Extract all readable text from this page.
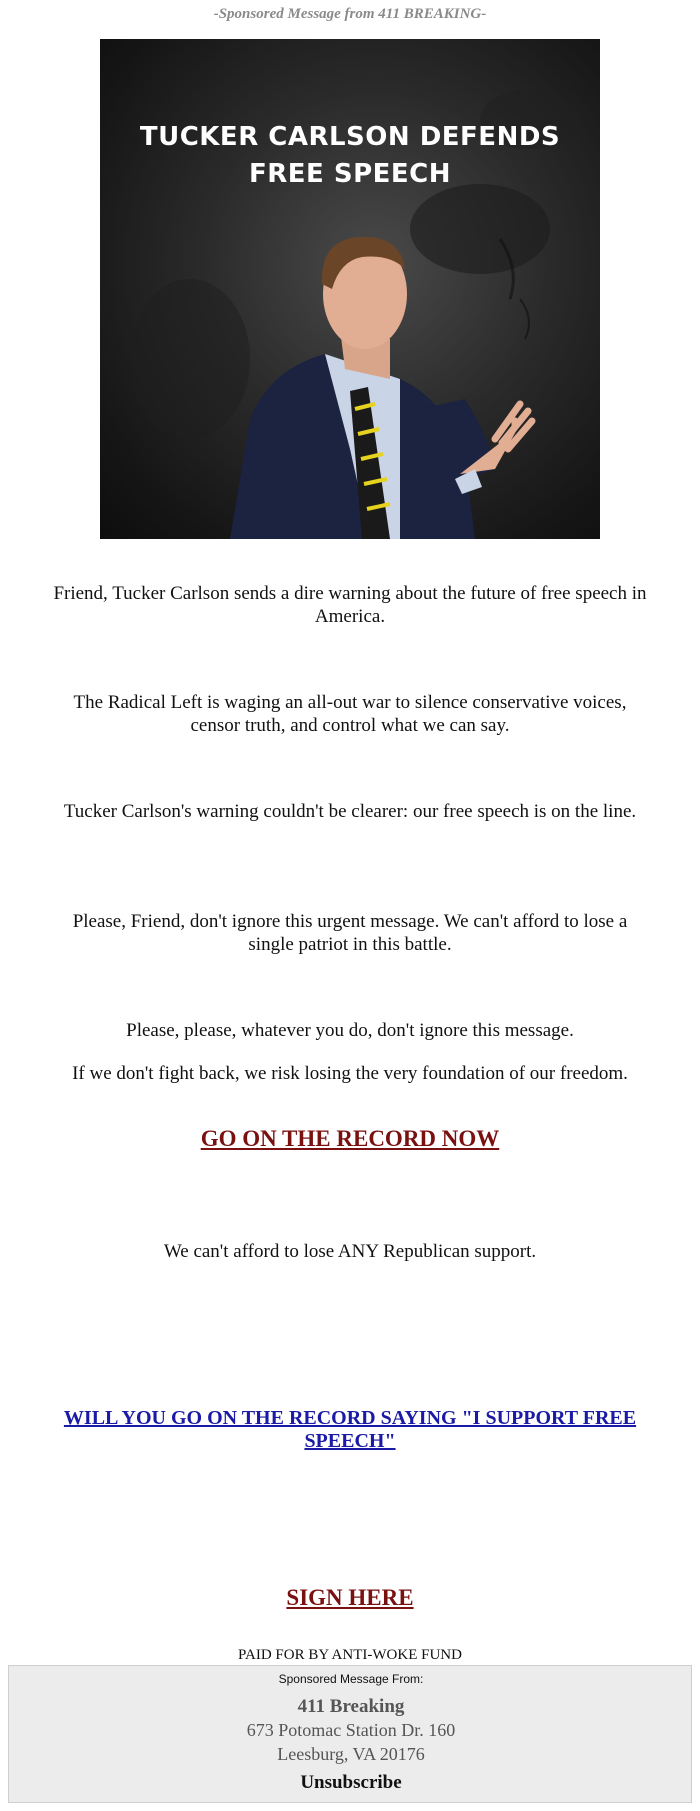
-Sponsored Message from 411 BREAKING-
TUCKER CARLSON DEFENDS
FREE SPEECH
Friend, Tucker Carlson sends a dire warning about the future of free speech in America.
The Radical Left is waging an all-out war to silence conservative voices, censor truth, and control what we can say.
Tucker Carlson's warning couldn't be clearer: our free speech is on the line.
Please, Friend, don't ignore this urgent message. We can't afford to lose a single patriot in this battle.
Please, please, whatever you do, don't ignore this message.
If we don't fight back, we risk losing the very foundation of our freedom.
GO ON THE RECORD NOW
We can't afford to lose ANY Republican support.
WILL YOU GO ON THE RECORD SAYING "I SUPPORT FREE SPEECH"
SIGN HERE
PAID FOR BY ANTI-WOKE FUND
Sponsored Message From:
411 Breaking
673 Potomac Station Dr. 160
Leesburg, VA 20176
Unsubscribe
